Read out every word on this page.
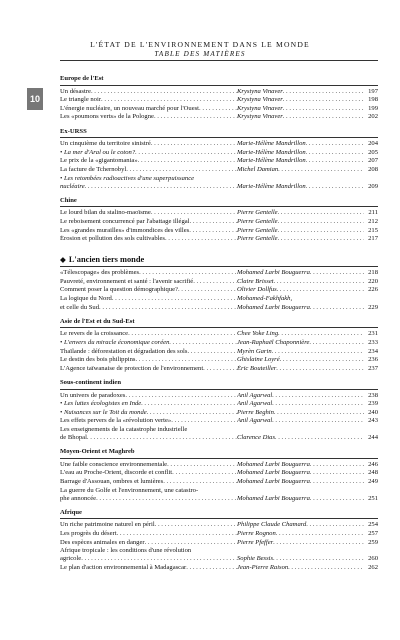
L'ÉTAT DE L'ENVIRONNEMENT DANS LE MONDE
TABLE DES MATIÈRES
10
Europe de l'Est
Un désastre . . .	Krystyna Vinaver . . .	197
Le triangle noir . . .	Krystyna Vinaver . . .	198
L'énergie nucléaire, un nouveau marché pour l'Ouest . . .	Krystyna Vinaver . . .	199
Les «poumons verts» de la Pologne . . .	Krystyna Vinaver . . .	202
Ex-URSS
Un cinquième du territoire sinistré . . .	Marie-Hélène Mandrillon . . .	204
• La mer d'Aral ou le coton? . . .	Marie-Hélène Mandrillon . . .	205
Le prix de la «gigantomania» . . .	Marie-Hélène Mandrillon . . .	207
La facture de Tchernobyl . . .	Michel Damian . . .	208
• Les retombées radioactives d'une superpuissance
nucléaire . . .	Marie-Hélène Mandrillon . . .	209
Chine
Le lourd bilan du stalino-maoïsme . . .	Pierre Gentelle . . .	211
Le reboisement concurrencé par l'abattage illégal . . .	Pierre Gentelle . . .	212
Les «grandes murailles» d'immondices des villes . . .	Pierre Gentelle . . .	215
Érosion et pollution des sols cultivables . . .	Pierre Gentelle . . .	217
◆ L'ancien tiers monde
«Télescopage» des problèmes . . .	Mohamed Larbi Bouguerra . . .	218
Pauvreté, environnement et santé : l'avenir sacrifié . . .	Claire Brisset . . .	220
Comment poser la question démographique? . . .	Olivier Dollfus . . .	226
La logique du Nord . . .	Mohamed-Fakhfakh,
et celle du Sud . . .	Mohamed Larbi Bouguerra . . .	229
Asie de l'Est et du Sud-Est
Le revers de la croissance . . .	Chee Yoke Ling . . .	231
• L'envers du miracle économique coréen . . .	Jean-Raphaël Chaponnière . . .	233
Thaïlande : déforestation et dégradation des sols . . .	Myrèn Garin . . .	234
Le destin des bois philippins . . .	Ghislaine Loyré . . .	236
L'Agence taïwanaise de protection de l'environnement . . .	Éric Bouteiller . . .	237
Sous-continent indien
Un univers de paradoxes . . .	Anil Agarwal . . .	238
• Les luttes écologistes en Inde . . .	Anil Agarwal . . .	239
• Nuisances sur le Toit du monde . . .	Pierre Beghin . . .	240
Les effets pervers de la «révolution verte» . . .	Anil Agarwal . . .	243
Les enseignements de la catastrophe industrielle
de Bhopal . . .	Clarence Dias . . .	244
Moyen-Orient et Maghreb
Une faible conscience environnementale . . .	Mohamed Larbi Bouguerra . . .	246
L'eau au Proche-Orient, discorde et conflit . . .	Mohamed Larbi Bouguerra . . .	248
Barrage d'Assouan, ombres et lumières . . .	Mohamed Larbi Bouguerra . . .	249
La guerre du Golfe et l'environnement, une catastro-
phe annoncée . . .	Mohamed Larbi Bouguerra . . .	251
Afrique
Un riche patrimoine naturel en péril . . .	Philippe Claude Chamard . . .	254
Les progrès du désert . . .	Pierre Rognon . . .	257
Des espèces animales en danger . . .	Pierre Pfeffer . . .	259
Afrique tropicale : les conditions d'une révolution
agricole . . .	Sophie Bessis . . .	260
Le plan d'action environnemental à Madagascar . . .	Jean-Pierre Raison . . .	262
